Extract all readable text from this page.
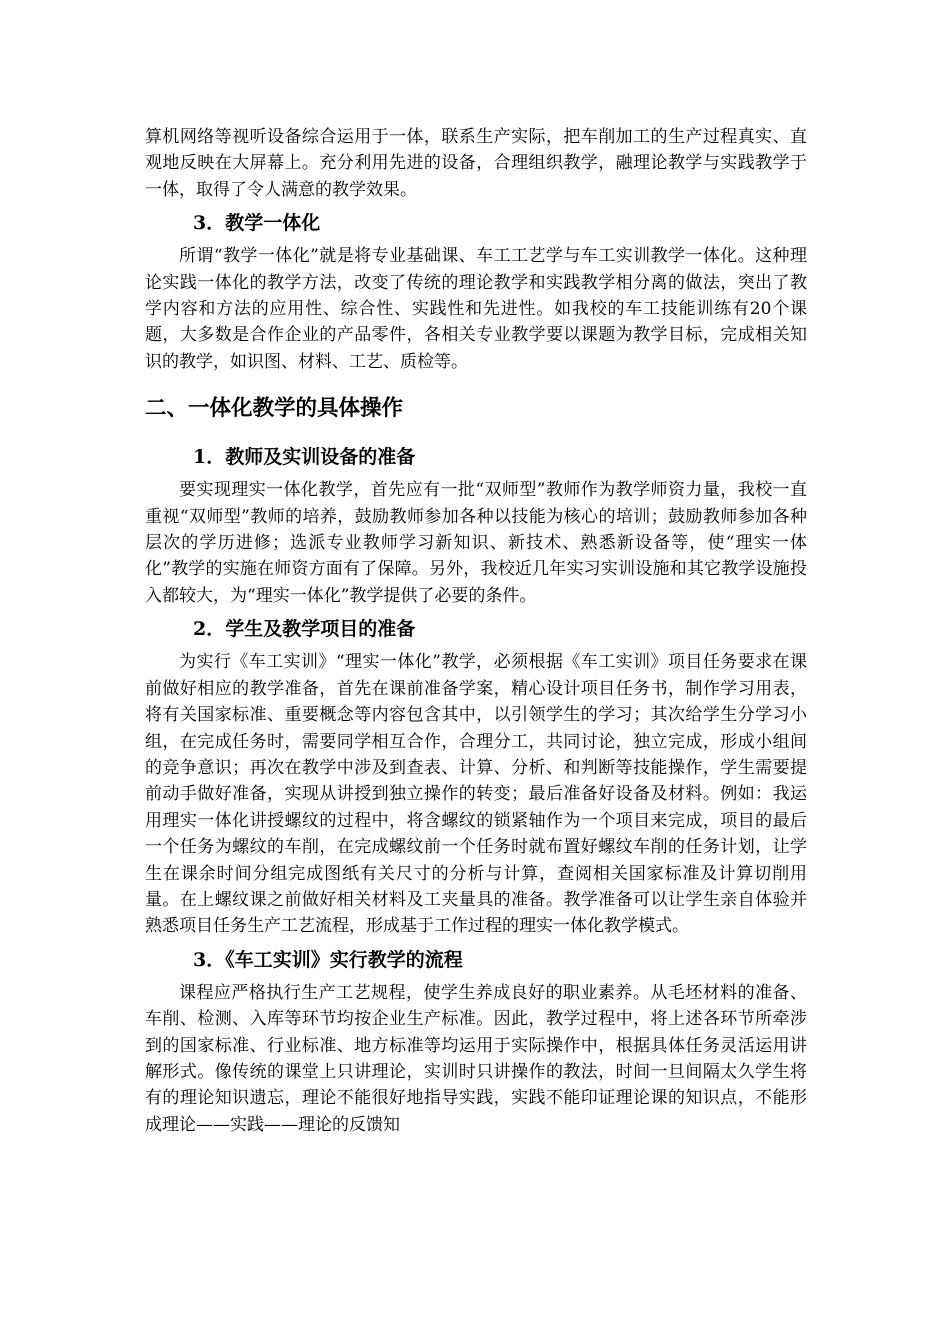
算机网络等视听设备综合运用于一体，联系生产实际，把车削加工的生产过程真实、直观地反映在大屏幕上。充分利用先进的设备，合理组织教学，融理论教学与实践教学于一体，取得了令人满意的教学效果。

3．教学一体化

所谓“教学一体化”就是将专业基础课、车工工艺学与车工实训教学一体化。这种理论实践一体化的教学方法，改变了传统的理论教学和实践教学相分离的做法，突出了教学内容和方法的应用性、综合性、实践性和先进性。如我校的车工技能训练有20个课题，大多数是合作企业的产品零件，各相关专业教学要以课题为教学目标，完成相关知识的教学，如识图、材料、工艺、质检等。

二、一体化教学的具体操作
1．教师及实训设备的准备

要实现理实一体化教学，首先应有一批“双师型”教师作为教学师资力量，我校一直重视“双师型”教师的培养，鼓励教师参加各种以技能为核心的培训；鼓励教师参加各种层次的学历进修；选派专业教师学习新知识、新技术、熟悉新设备等，使“理实一体化”教学的实施在师资方面有了保障。另外，我校近几年实习实训设施和其它教学设施投入都较大，为“理实一体化”教学提供了必要的条件。

2．学生及教学项目的准备

为实行《车工实训》“理实一体化”教学，必须根据《车工实训》项目任务要求在课前做好相应的教学准备，首先在课前准备学案，精心设计项目任务书，制作学习用表，将有关国家标准、重要概念等内容包含其中，以引领学生的学习；其次给学生分学习小组，在完成任务时，需要同学相互合作，合理分工，共同讨论，独立完成，形成小组间的竞争意识；再次在教学中涉及到查表、计算、分析、和判断等技能操作，学生需要提前动手做好准备，实现从讲授到独立操作的转变；最后准备好设备及材料。例如：我运用理实一体化讲授螺纹的过程中，将含螺纹的锁紧轴作为一个项目来完成，项目的最后一个任务为螺纹的车削，在完成螺纹前一个任务时就布置好螺纹车削的任务计划，让学生在课余时间分组完成图纸有关尺寸的分析与计算，查阅相关国家标准及计算切削用量。在上螺纹课之前做好相关材料及工夹量具的准备。教学准备可以让学生亲自体验并熟悉项目任务生产工艺流程，形成基于工作过程的理实一体化教学模式。

3．《车工实训》实行教学的流程

课程应严格执行生产工艺规程，使学生养成良好的职业素养。从毛坯材料的准备、车削、检测、入库等环节均按企业生产标准。因此，教学过程中，将上述各环节所牵涉到的国家标准、行业标准、地方标准等均运用于实际操作中，根据具体任务灵活运用讲解形式。像传统的课堂上只讲理论，实训时只讲操作的教法，时间一旦间隔太久学生将有的理论知识遗忘，理论不能很好地指导实践，实践不能印证理论课的知识点，不能形成理论——实践——理论的反馈知
